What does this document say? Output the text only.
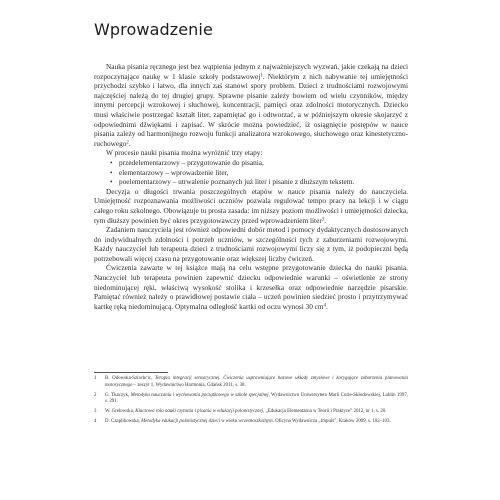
Wprowadzenie

Nauka pisania ręcznego jest bez wątpienia jednym z najważniejszych wyzwań, jakie czekają na dzieci rozpoczynające naukę w 1 klasie szkoły podstawowej$^1$. Niektórym z nich nabywanie tej umiejętności przychodzi szybko i łatwo, dla innych zaś stanowi spory problem. Dzieci z trudnościami rozwojowymi najczęściej należą do tej drugiej grupy. Sprawne pisanie zależy bowiem od wielu czynników, między innymi percepcji wzrokowej i słuchowej, koncentracji, pamięci oraz zdolności motorycznych. Dziecko musi właściwie postrzegać kształt liter, zapamiętać go i odtworzać, a w późniejszym okresie skojarzyć z odpowiednimi dźwiękami i zapisać. W skrócie można powiedzieć, iż osiągnięcie postępów w nauce pisania zależy od harmonijnego rozwoju funkcji analizatora wzrokowego, słuchowego oraz kinestetyczno-ruchowego$^2$.

W procesie nauki pisania można wyróżnić trzy etapy:

• przedelementarzowy – przygotowanie do pisania,
• elementarzowy – wprowadzenie liter,
• poelementarzowy – utrwalenie poznanych już liter i pisanie z dłuższym tekstem.

Decyzja o długości trwania poszczególnych etapów w nauce pisania należy do nauczyciela. Umiejętność rozpoznawania możliwości uczniów pozwala regulować tempo pracy na lekcji i w ciągu całego roku szkolnego. Obowiązuje tu prosta zasada: im niższy poziom możliwości i umiejętności dziecka, tym dłuższy powinien być okres przygotowawczy przed wprowadzeniem liter$^3$.

Zadaniem nauczyciela jest również odpowiedni dobór metod i pomocy dydaktycznych dostosowanych do indywidualnych zdolności i potrzeb uczniów, w szczególności tych z zaburzeniami rozwojowymi. Każdy nauczyciel lub terapeuta dzieci z trudnościami rozwojowymi liczy się z tym, iż podopieczni będą potrzebowali więcej czasu na przygotowanie oraz większej liczby ćwiczeń.

Ćwiczenia zawarte w tej książce mają na celu wstępne przygotowanie dziecka do nauki pisania. Nauczyciel lub terapeuta powinien zapewnić dziecku odpowiednie warunki – oświetlenie ze strony niedominującej ręki, właściwą wysokość stolika i krzesełka oraz odpowiednie narzędzie pisarskie. Pamiętać również należy o prawidłowej postawie ciała – uczeń powinien siedzieć prosto i przytrzymywać kartkę ręką niedominującą. Optymalna odległość kartki od oczu wynosi 30 $cm^4$.

1 B. Odowska-Szlachcic, Terapia integracji sensorycznej. Ćwiczenia usprawniające bazowe układy zmysłowe i korygujące zaburzenia planowania motorycznego – zeszyt 1, Wydawnictwo Harmonia, Gdańsk 2011, s. 38.
2 G. Tkaczyk, Metodyka nauczania i wychowania początkowego w szkole specjalnej, Wydawnictwo Uniwersytetu Marii Curie-Skłodowskiej, Lublin 1997, s. 291.
3 W. Grelowska, Kluczowa rola nauki czytania i pisania w edukacji polonistycznej, „Edukacja Elementarna w Teorii i Praktyce” 2012, nr 1, s. 20.
4 D. Czaplikowska, Metodyka edukacji polonistycznej dzieci w wieku wczesnoszkolnym. Oficyna Wydawnicza „Impuls”, Kraków 2009, s. 102–103.
